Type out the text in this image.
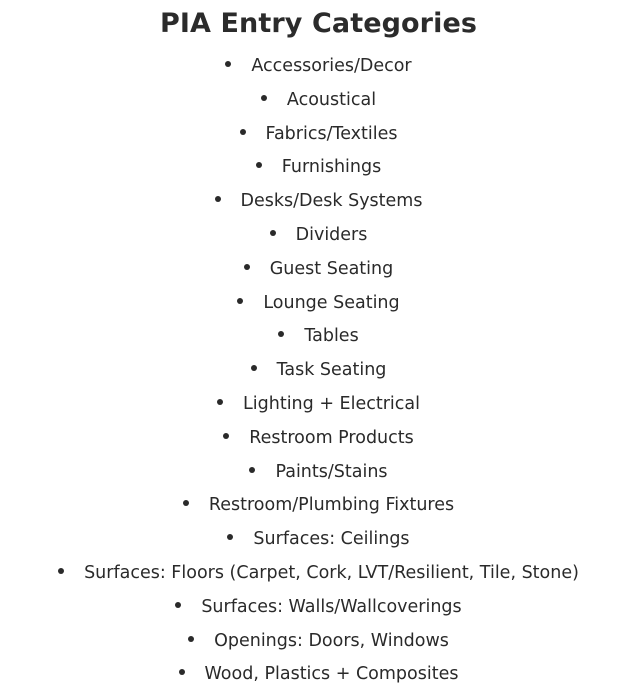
PIA Entry Categories
Accessories/Decor
Acoustical
Fabrics/Textiles
Furnishings
Desks/Desk Systems
Dividers
Guest Seating
Lounge Seating
Tables
Task Seating
Lighting + Electrical
Restroom Products
Paints/Stains
Restroom/Plumbing Fixtures
Surfaces: Ceilings
Surfaces: Floors (Carpet, Cork, LVT/Resilient, Tile, Stone)
Surfaces: Walls/Wallcoverings
Openings: Doors, Windows
Wood, Plastics + Composites
